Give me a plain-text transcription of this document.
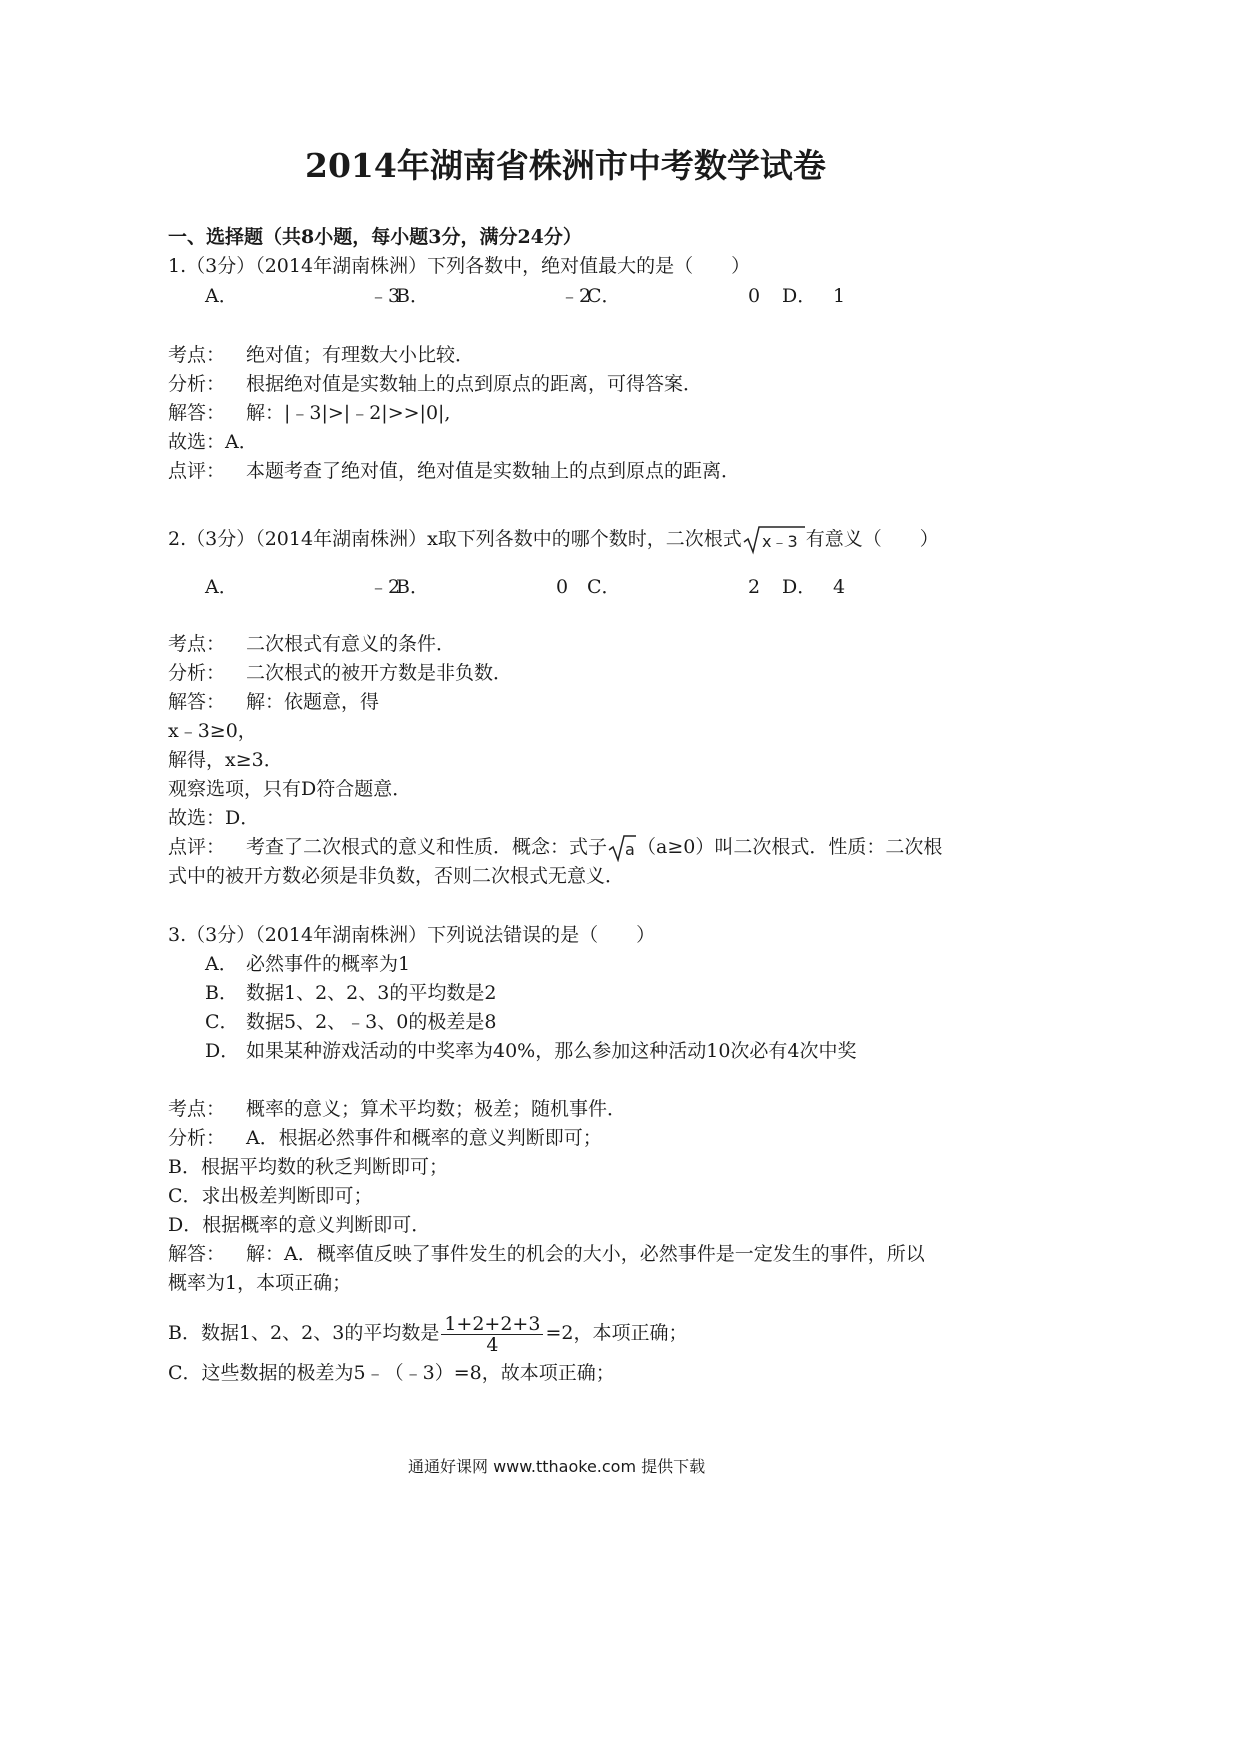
2014年湖南省株洲市中考数学试卷
一、选择题（共8小题，每小题3分，满分24分）
1.（3分）（2014年湖南株洲）下列各数中，绝对值最大的是（　　）
A．	﹣3
B．	﹣2
C．	0 D． 1
考点： 绝对值；有理数大小比较．
分析： 根据绝对值是实数轴上的点到原点的距离，可得答案．
解答： 解：|﹣3|>|﹣2|>>|0|,
故选：A．
点评： 本题考查了绝对值，绝对值是实数轴上的点到原点的距离．
2.（3分）（2014年湖南株洲）x取下列各数中的哪个数时，二次根式 x﹣3 有意义（　　）
A．	﹣2
B．	0 C．	2 D． 4
考点： 二次根式有意义的条件．
分析： 二次根式的被开方数是非负数．
解答： 解：依题意，得
x﹣3≥0，
解得，x≥3．
观察选项，只有D符合题意．
故选：D．
点评： 考查了二次根式的意义和性质．概念：式子 a （a≥0）叫二次根式．性质：二次根
式中的被开方数必须是非负数，否则二次根式无意义．
3.（3分）（2014年湖南株洲）下列说法错误的是（　　）
A． 必然事件的概率为1
B． 数据1、2、2、3的平均数是2
C． 数据5、2、﹣3、0的极差是8
D． 如果某种游戏活动的中奖率为40%，那么参加这种活动10次必有4次中奖
考点： 概率的意义；算术平均数；极差；随机事件．
分析： A．根据必然事件和概率的意义判断即可；
B．根据平均数的秋乏判断即可；
C．求出极差判断即可；
D．根据概率的意义判断即可．
解答： 解：A．概率值反映了事件发生的机会的大小，必然事件是一定发生的事件，所以
概率为1，本项正确；
B．数据1、2、2、3的平均数是 $\frac{1+2+2+3}{4} =2$，本项正确；
C．这些数据的极差为5﹣（﹣3）=8，故本项正确；
通通好课网 www.tthaoke.com 提供下载
